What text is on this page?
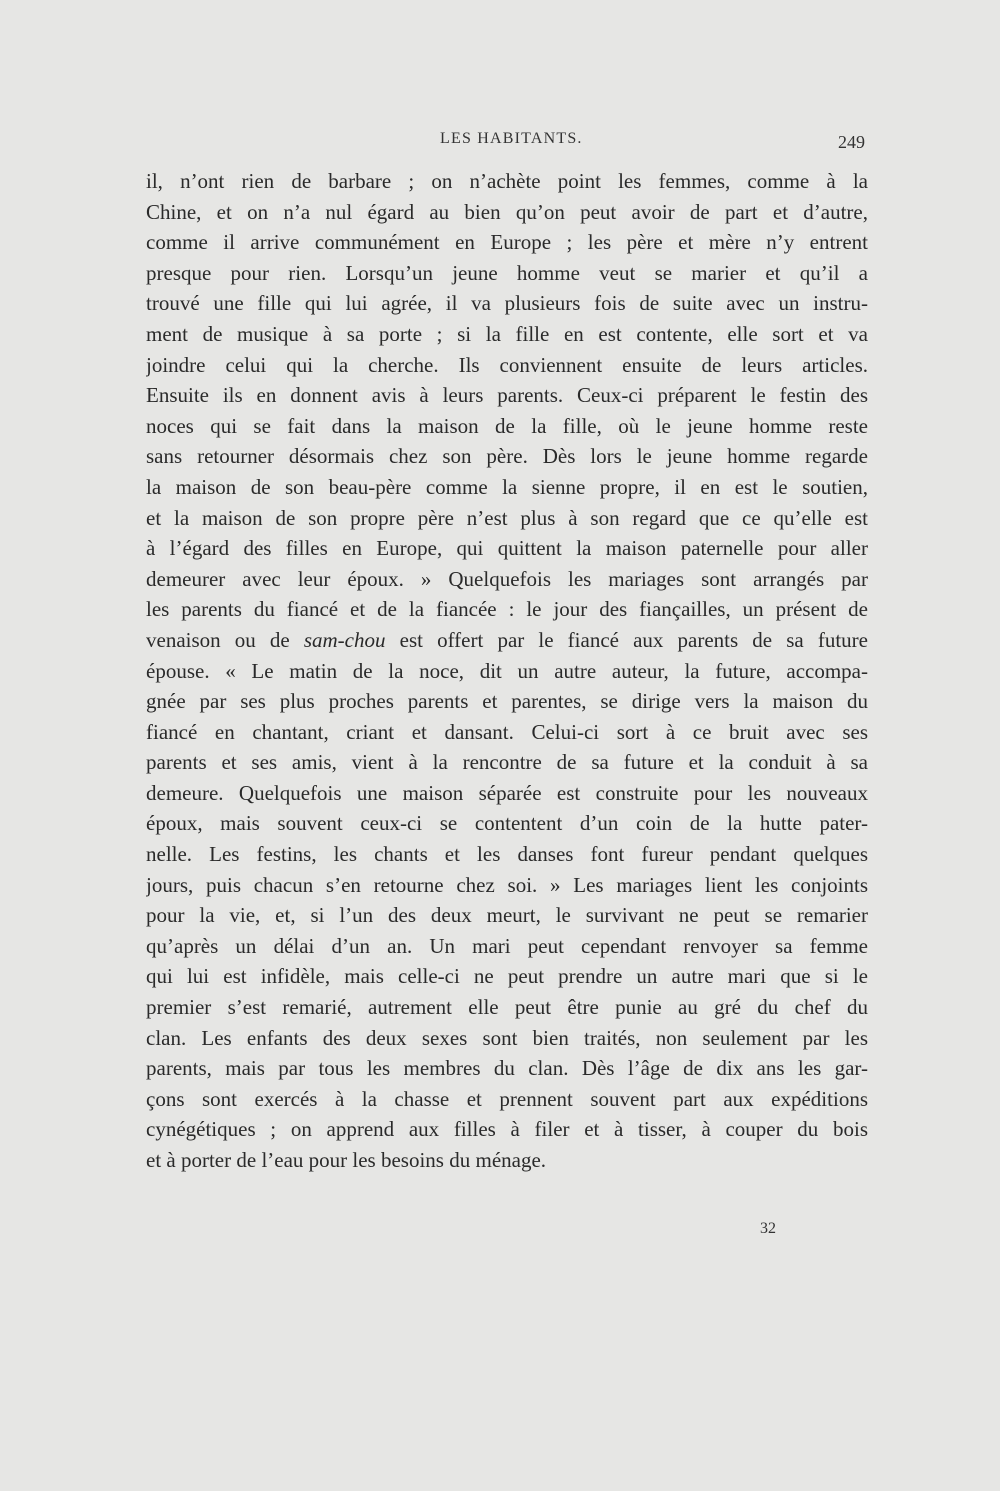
LES HABITANTS.	249
il, n’ont rien de barbare ; on n’achète point les femmes, comme à la
Chine, et on n’a nul égard au bien qu’on peut avoir de part et d’autre,
comme il arrive communément en Europe ; les père et mère n’y entrent
presque pour rien. Lorsqu’un jeune homme veut se marier et qu’il a
trouvé une fille qui lui agrée, il va plusieurs fois de suite avec un instru-
ment de musique à sa porte ; si la fille en est contente, elle sort et va
joindre celui qui la cherche. Ils conviennent ensuite de leurs articles.
Ensuite ils en donnent avis à leurs parents. Ceux-ci préparent le festin des
noces qui se fait dans la maison de la fille, où le jeune homme reste
sans retourner désormais chez son père. Dès lors le jeune homme regarde
la maison de son beau-père comme la sienne propre, il en est le soutien,
et la maison de son propre père n’est plus à son regard que ce qu’elle est
à l’égard des filles en Europe, qui quittent la maison paternelle pour aller
demeurer avec leur époux. » Quelquefois les mariages sont arrangés par
les parents du fiancé et de la fiancée : le jour des fiançailles, un présent de
venaison ou de sam-chou est offert par le fiancé aux parents de sa future
épouse. « Le matin de la noce, dit un autre auteur, la future, accompa-
gnée par ses plus proches parents et parentes, se dirige vers la maison du
fiancé en chantant, criant et dansant. Celui-ci sort à ce bruit avec ses
parents et ses amis, vient à la rencontre de sa future et la conduit à sa
demeure. Quelquefois une maison séparée est construite pour les nouveaux
époux, mais souvent ceux-ci se contentent d’un coin de la hutte pater-
nelle. Les festins, les chants et les danses font fureur pendant quelques
jours, puis chacun s’en retourne chez soi. » Les mariages lient les conjoints
pour la vie, et, si l’un des deux meurt, le survivant ne peut se remarier
qu’après un délai d’un an. Un mari peut cependant renvoyer sa femme
qui lui est infidèle, mais celle-ci ne peut prendre un autre mari que si le
premier s’est remarié, autrement elle peut être punie au gré du chef du
clan. Les enfants des deux sexes sont bien traités, non seulement par les
parents, mais par tous les membres du clan. Dès l’âge de dix ans les gar-
çons sont exercés à la chasse et prennent souvent part aux expéditions
cynégétiques ; on apprend aux filles à filer et à tisser, à couper du bois
et à porter de l’eau pour les besoins du ménage.
32
